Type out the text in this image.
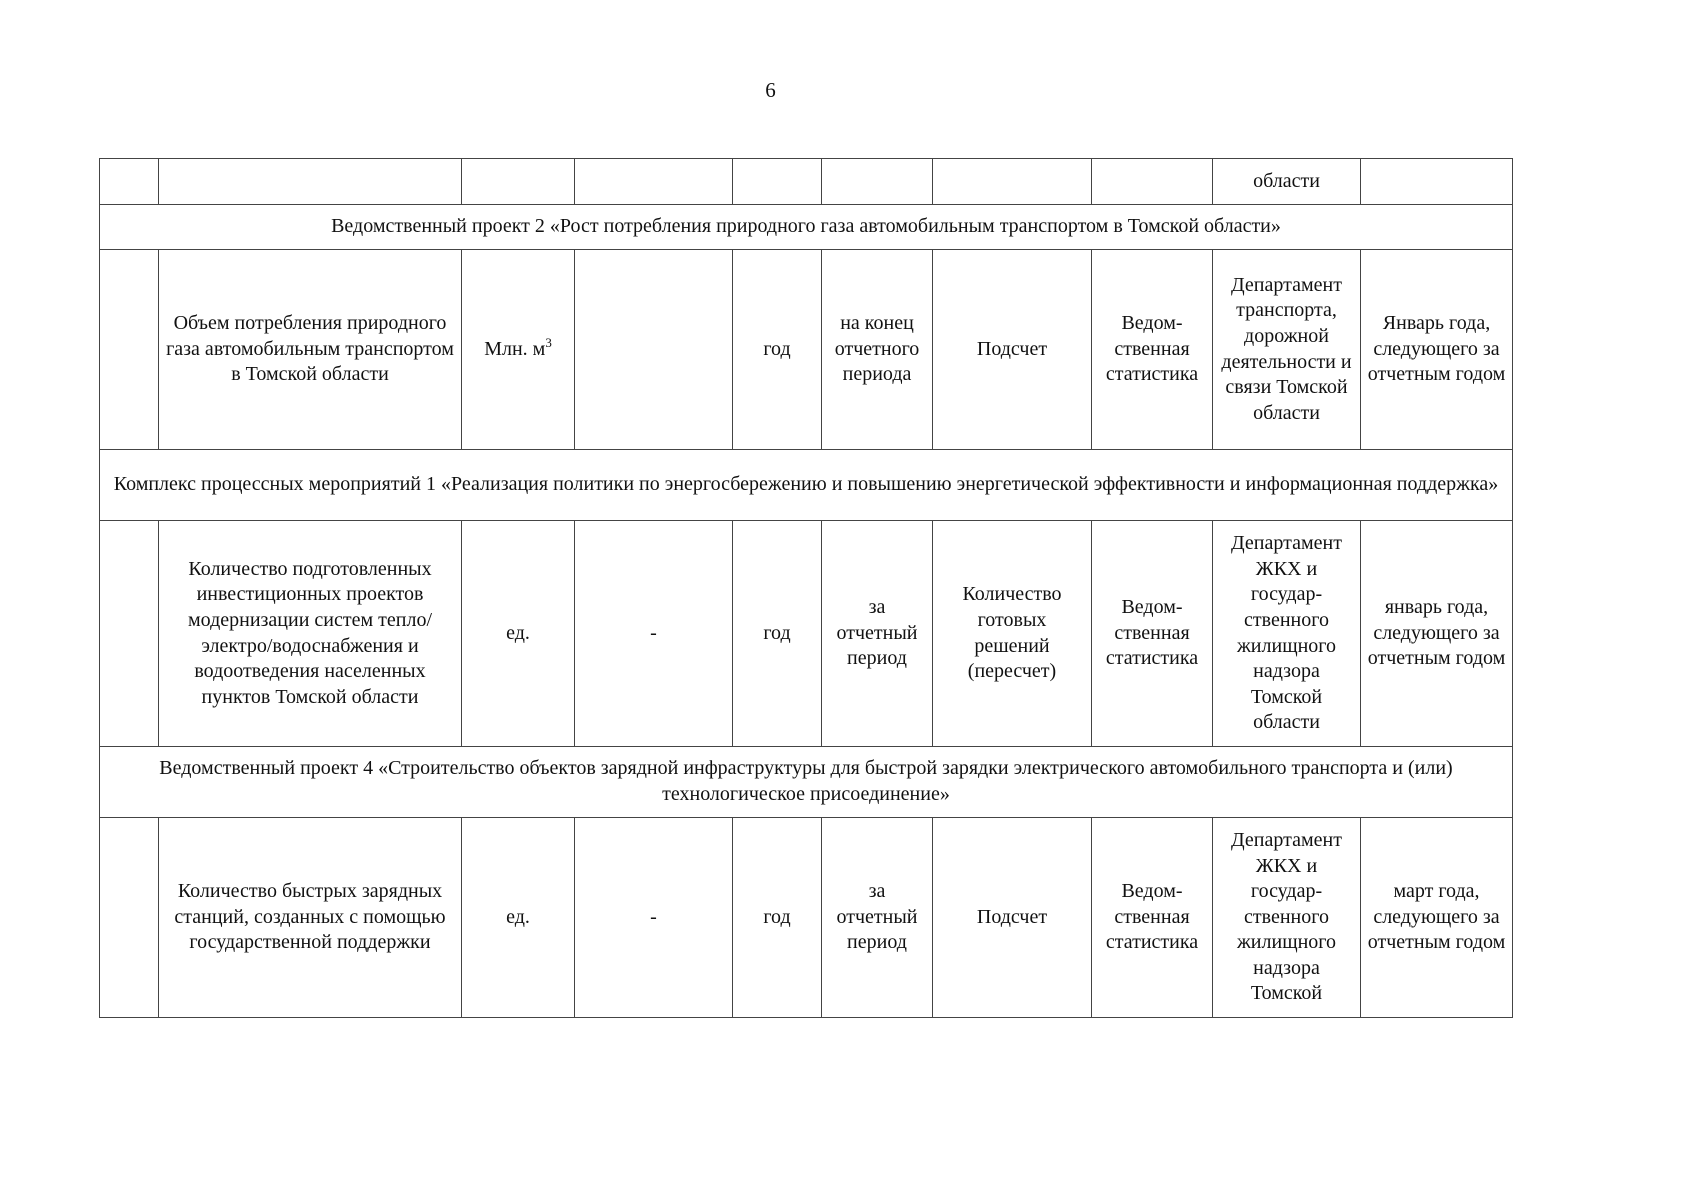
6
								области	
Ведомственный проект 2 «Рост потребления природного газа автомобильным транспортом в Томской области»									
	Объем потребления природного газа автомобильным транспортом в Томской области	Млн. $м^3$		год	на конец отчетного периода	Подсчет	Ведом-ственная статистика	Департамент транспорта, дорожной деятельности и связи Томской области	Январь года, следующего за отчетным годом
Комплекс процессных мероприятий 1 «Реализация политики по энергосбережению и повышению энергетической эффективности и информационная поддержка»									
	Количество подготовленных инвестиционных проектов модернизации систем тепло/электро/водоснабжения и водоотведения населенных пунктов Томской области	ед.	-	год	за отчетный период	Количество готовых решений (пересчет)	Ведом-ственная статистика	Департамент ЖКХ и государ-ственного жилищного надзора Томской области	январь года, следующего за отчетным годом
Ведомственный проект 4 «Строительство объектов зарядной инфраструктуры для быстрой зарядки электрического автомобильного транспорта и (или) технологическое присоединение»									
	Количество быстрых зарядных станций, созданных с помощью государственной поддержки	ед.	-	год	за отчетный период	Подсчет	Ведом-ственная статистика	Департамент ЖКХ и государ-ственного жилищного надзора Томской	март года, следующего за отчетным годом
